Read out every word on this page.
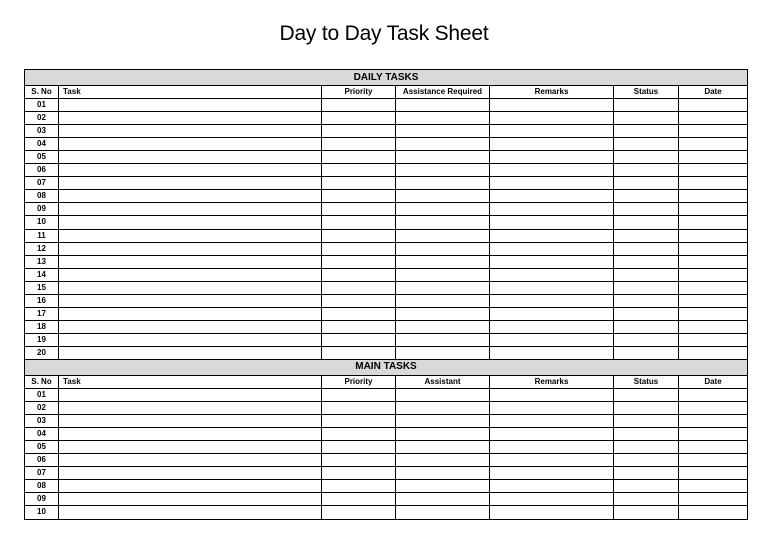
Day to Day Task Sheet
DAILY TASKS						
S. No	Task	Priority	Assistance Required	Remarks	Status	Date
01						
02						
03						
04						
05						
06						
07						
08						
09						
10						
11						
12						
13						
14						
15						
16						
17						
18						
19						
20						
MAIN TASKS						
S. No	Task	Priority	Assistant	Remarks	Status	Date
01						
02						
03						
04						
05						
06						
07						
08						
09						
10						
